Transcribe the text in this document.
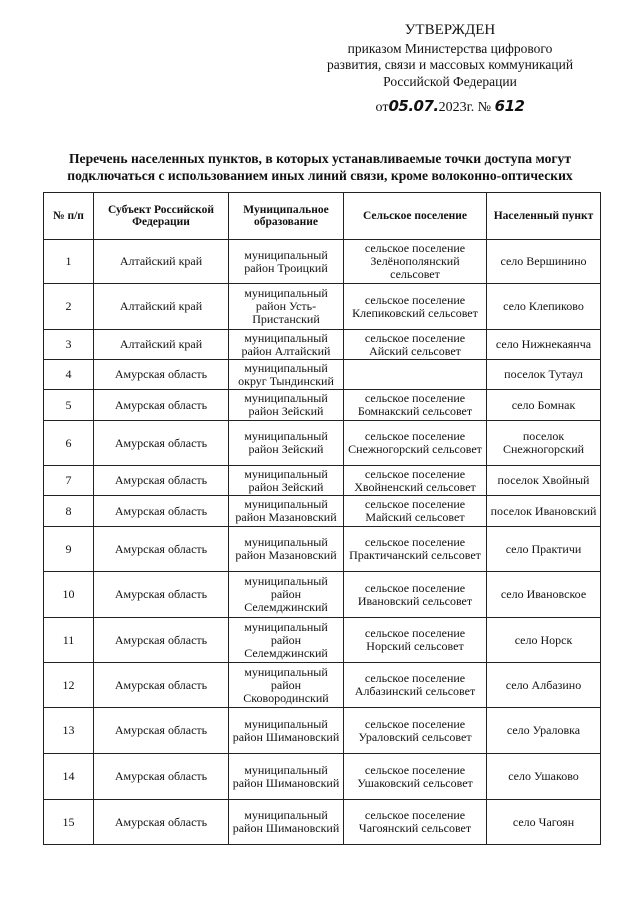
УТВЕРЖДЕН
приказом Министерства цифрового
развития, связи и массовых коммуникаций
Российской Федерации
от05.07.2023г. № 612
Перечень населенных пунктов, в которых устанавливаемые точки доступа могут
подключаться с использованием иных линий связи, кроме волоконно-оптических
№ п/п	Субъект Российской Федерации	Муниципальное образование	Сельское поселение	Населенный пункт
1	Алтайский край	муниципальный район Троицкий	сельское поселение Зелёнополянский сельсовет	село Вершинино
2	Алтайский край	муниципальный район Усть-Пристанский	сельское поселение Клепиковский сельсовет	село Клепиково
3	Алтайский край	муниципальный район Алтайский	сельское поселение Айский сельсовет	село Нижнекаянча
4	Амурская область	муниципальный округ Тындинский		поселок Тутаул
5	Амурская область	муниципальный район Зейский	сельское поселение Бомнакский сельсовет	село Бомнак
6	Амурская область	муниципальный район Зейский	сельское поселение Снежногорский сельсовет	поселок Снежногорский
7	Амурская область	муниципальный район Зейский	сельское поселение Хвойненский сельсовет	поселок Хвойный
8	Амурская область	муниципальный район Мазановский	сельское поселение Майский сельсовет	поселок Ивановский
9	Амурская область	муниципальный район Мазановский	сельское поселение Практичанский сельсовет	село Практичи
10	Амурская область	муниципальный район Селемджинский	сельское поселение Ивановский сельсовет	село Ивановское
11	Амурская область	муниципальный район Селемджинский	сельское поселение Норский сельсовет	село Норск
12	Амурская область	муниципальный район Сковородинский	сельское поселение Албазинский сельсовет	село Албазино
13	Амурская область	муниципальный район Шимановский	сельское поселение Ураловский сельсовет	село Ураловка
14	Амурская область	муниципальный район Шимановский	сельское поселение Ушаковский сельсовет	село Ушаково
15	Амурская область	муниципальный район Шимановский	сельское поселение Чагоянский сельсовет	село Чагоян
